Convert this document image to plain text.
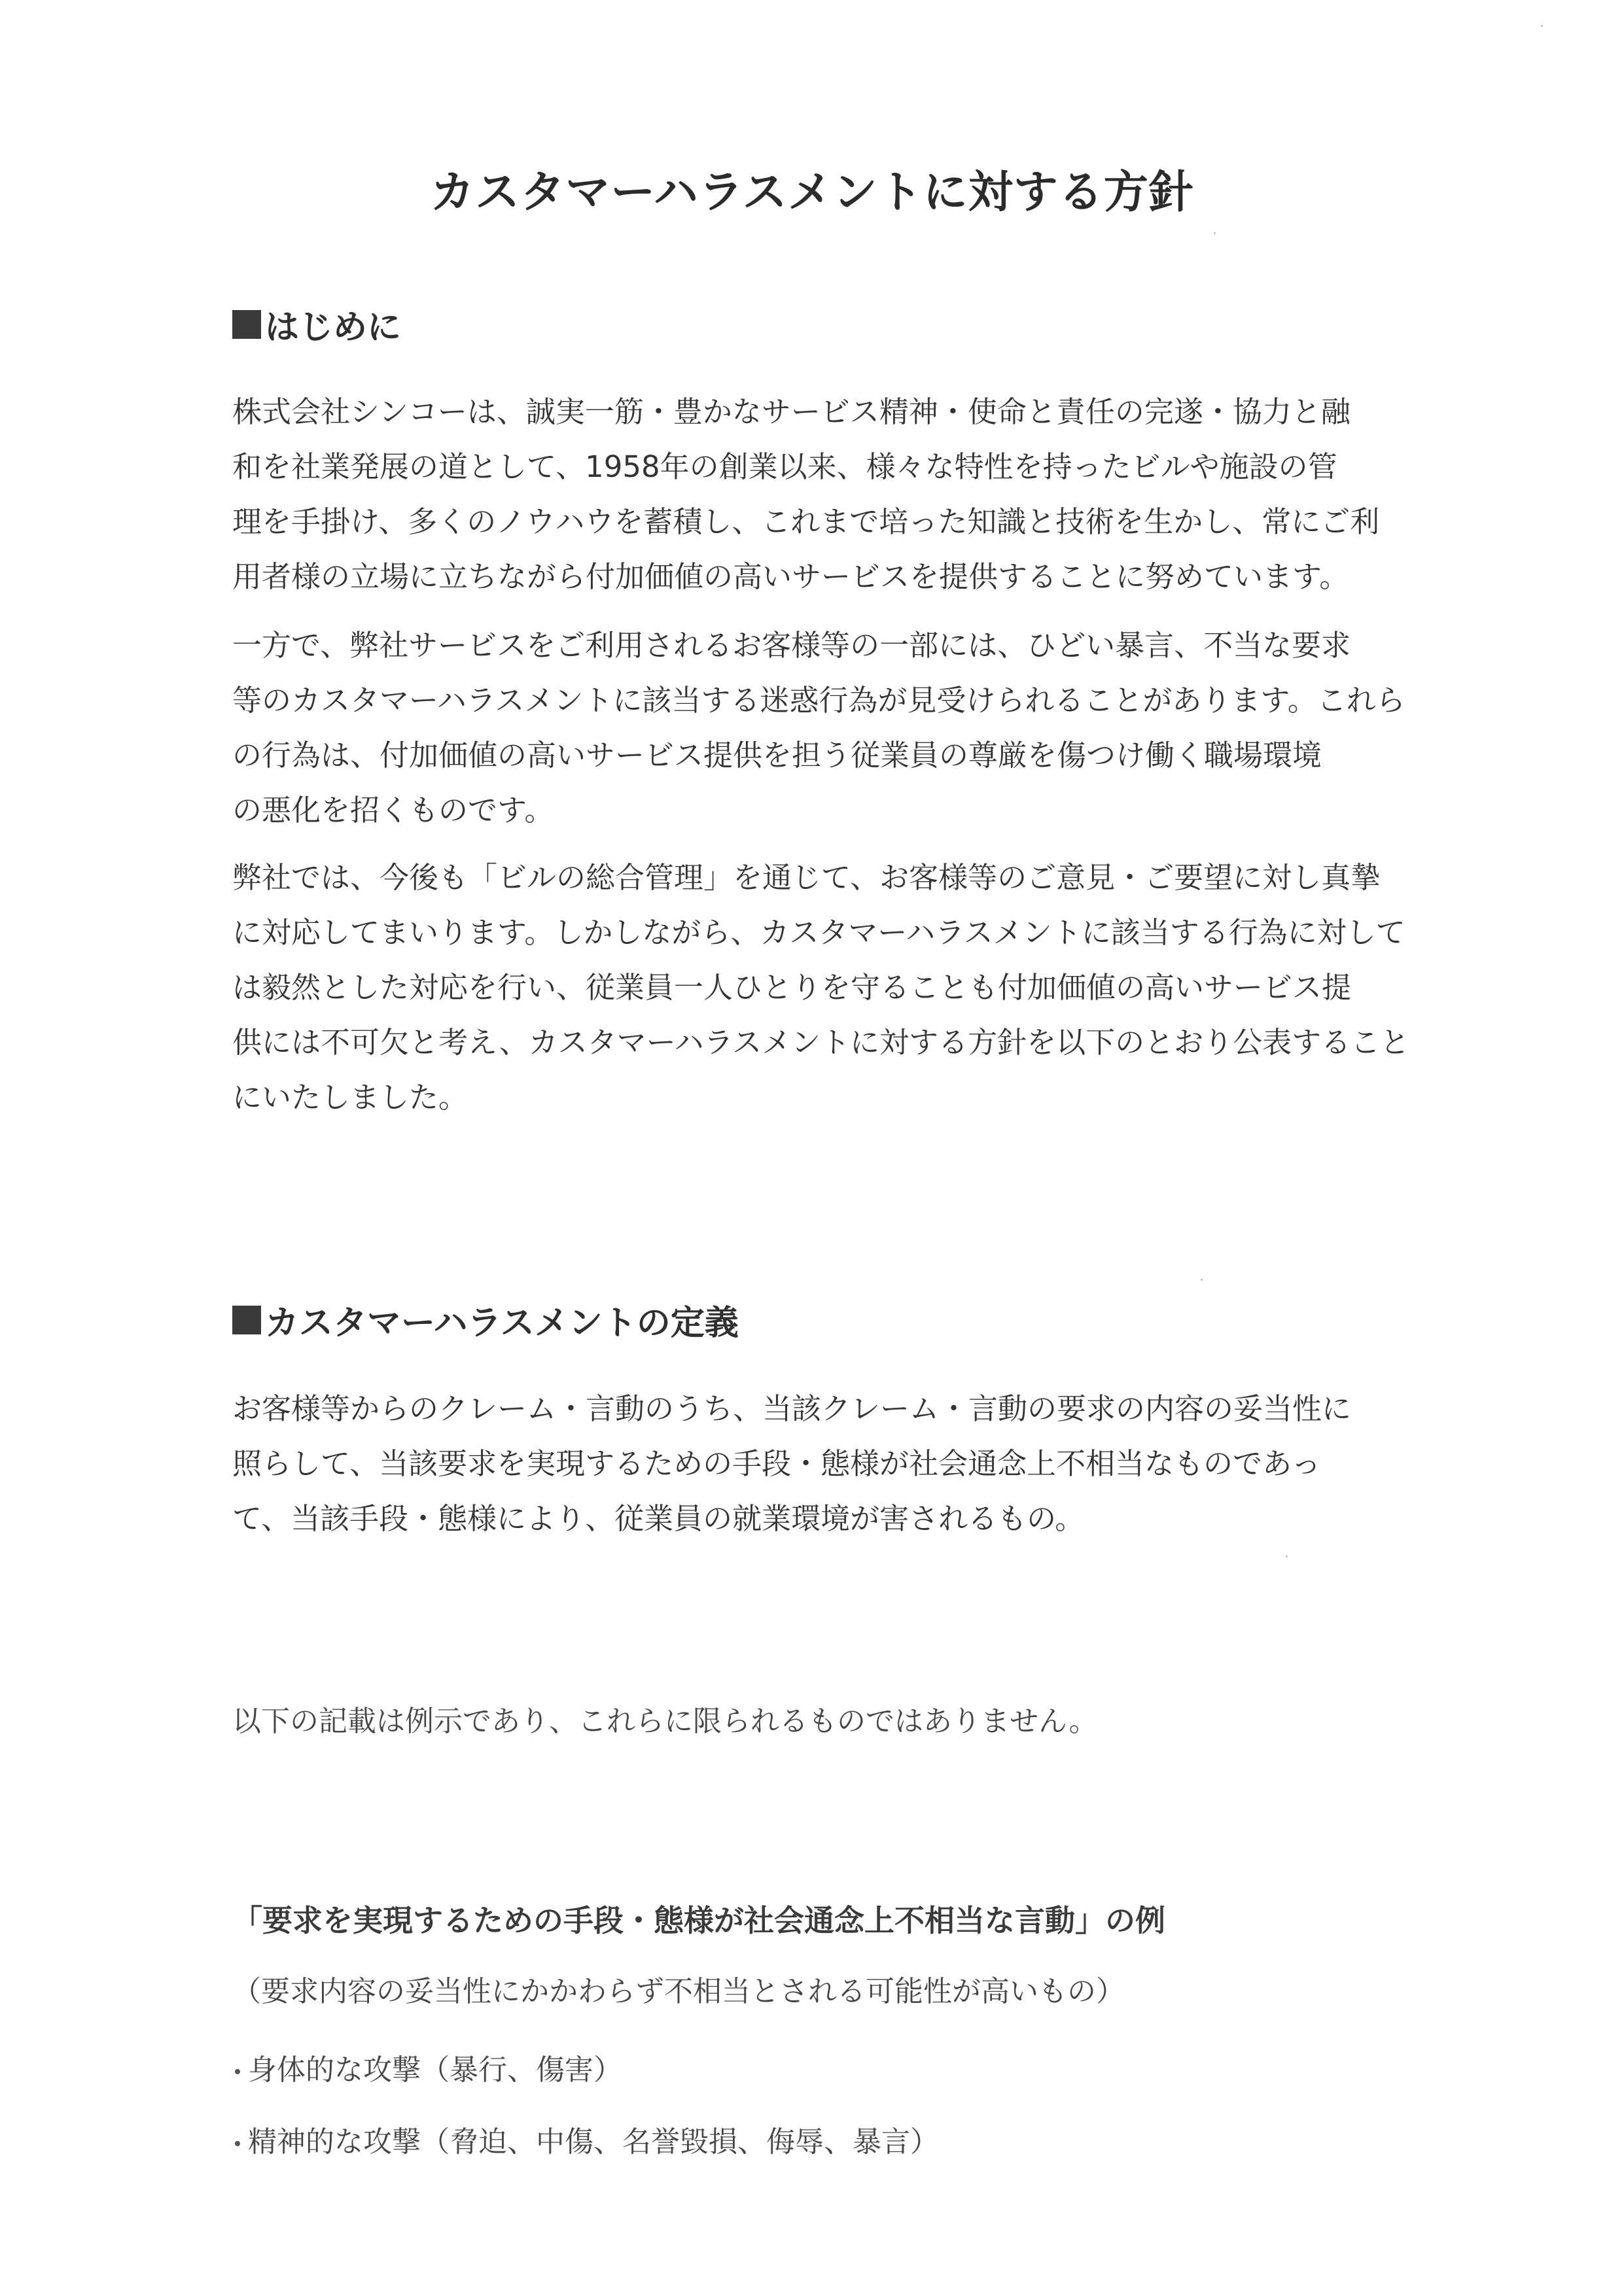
カスタマーハラスメントに対する方針
はじめに

株式会社シンコーは、誠実一筋・豊かなサービス精神・使命と責任の完遂・協力と融
和を社業発展の道として、1958年の創業以来、様々な特性を持ったビルや施設の管
理を手掛け、多くのノウハウを蓄積し、これまで培った知識と技術を生かし、常にご利
用者様の立場に立ちながら付加価値の高いサービスを提供することに努めています。

一方で、弊社サービスをご利用されるお客様等の一部には、ひどい暴言、不当な要求
等のカスタマーハラスメントに該当する迷惑行為が見受けられることがあります。これら
の行為は、付加価値の高いサービス提供を担う従業員の尊厳を傷つけ働く職場環境
の悪化を招くものです。

弊社では、今後も「ビルの総合管理」を通じて、お客様等のご意見・ご要望に対し真摯
に対応してまいります。しかしながら、カスタマーハラスメントに該当する行為に対して
は毅然とした対応を行い、従業員一人ひとりを守ることも付加価値の高いサービス提
供には不可欠と考え、カスタマーハラスメントに対する方針を以下のとおり公表すること
にいたしました。

カスタマーハラスメントの定義

お客様等からのクレーム・言動のうち、当該クレーム・言動の要求の内容の妥当性に
照らして、当該要求を実現するための手段・態様が社会通念上不相当なものであっ
て、当該手段・態様により、従業員の就業環境が害されるもの。

以下の記載は例示であり、これらに限られるものではありません。
「要求を実現するための手段・態様が社会通念上不相当な言動」の例
（要求内容の妥当性にかかわらず不相当とされる可能性が高いもの）
身体的な攻撃（暴行、傷害）
精神的な攻撃（脅迫、中傷、名誉毀損、侮辱、暴言）
